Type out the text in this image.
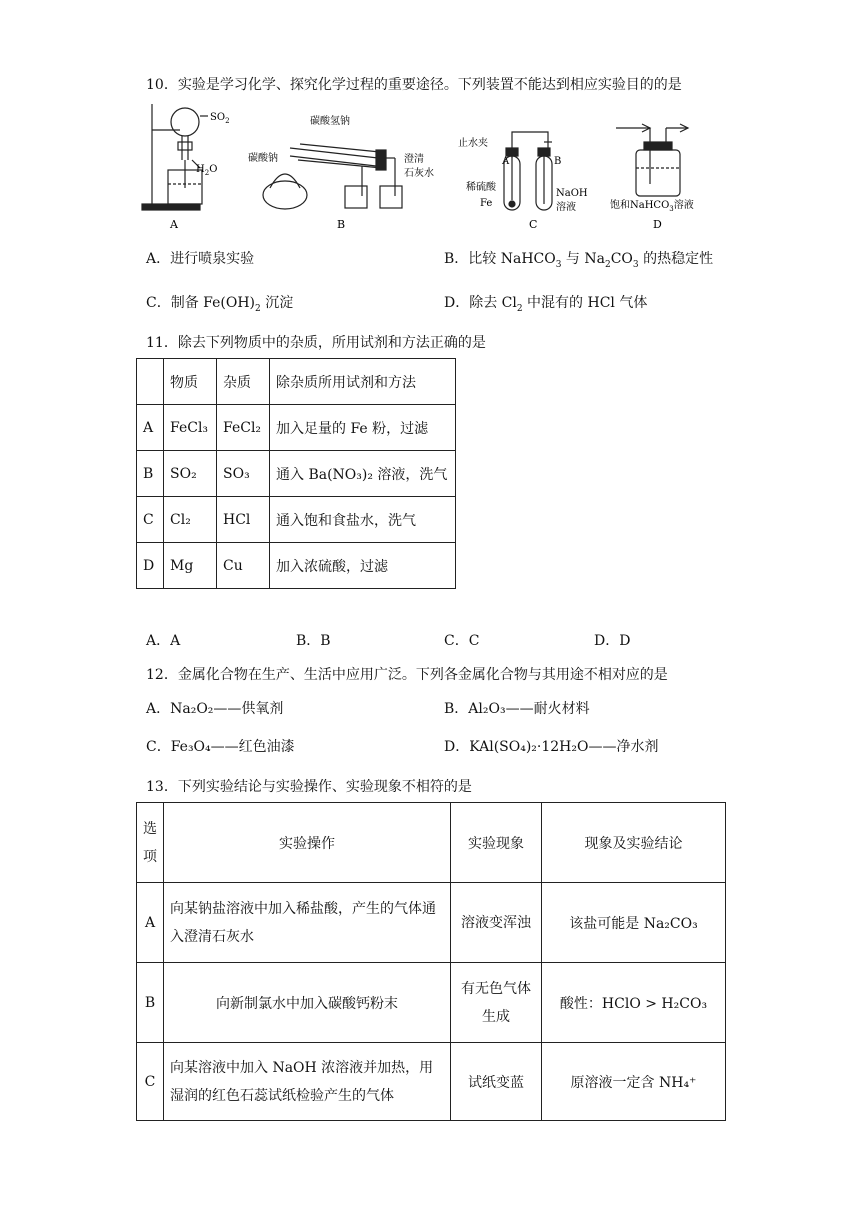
10．实验是学习化学、探究化学过程的重要途径。下列装置不能达到相应实验目的的是
$SO_2$
$H_2O$
A
碳酸氢钠
碳酸钠	澄清
石灰水
B
止水夹
A	B
稀硫酸
Fe
NaOH
溶液
C
饱和NaHCO$_3$溶液
D
A．进行喷泉实验	B．比较 NaHCO$_3$ 与 $Na_2CO_3$ 的热稳定性
C．制备 $Fe(OH)_2$ 沉淀	D．除去 $Cl_2$ 中混有的 HCl 气体
11．除去下列物质中的杂质，所用试剂和方法正确的是
	物质	杂质	除杂质所用试剂和方法
A	FeCl₃	FeCl₂	加入足量的 Fe 粉，过滤
B	SO₂	SO₃	通入 Ba(NO₃)₂ 溶液，洗气
C	Cl₂	HCl	通入饱和食盐水，洗气
D	Mg	Cu	加入浓硫酸，过滤
A．A	B．B	C．C	D．D
12．金属化合物在生产、生活中应用广泛。下列各金属化合物与其用途不相对应的是
A．Na₂O₂——供氧剂	B．Al₂O₃——耐火材料
C．Fe₃O₄——红色油漆	D．KAl(SO₄)₂·12H₂O——净水剂
13．下列实验结论与实验操作、实验现象不相符的是
选项	实验操作	实验现象	现象及实验结论
A	向某钠盐溶液中加入稀盐酸，产生的气体通入澄清石灰水	溶液变浑浊	该盐可能是 Na₂CO₃
B	向新制氯水中加入碳酸钙粉末	有无色气体生成	酸性：HClO > H₂CO₃
C	向某溶液中加入 NaOH 浓溶液并加热，用湿润的红色石蕊试纸检验产生的气体	试纸变蓝	原溶液一定含 NH₄⁺
